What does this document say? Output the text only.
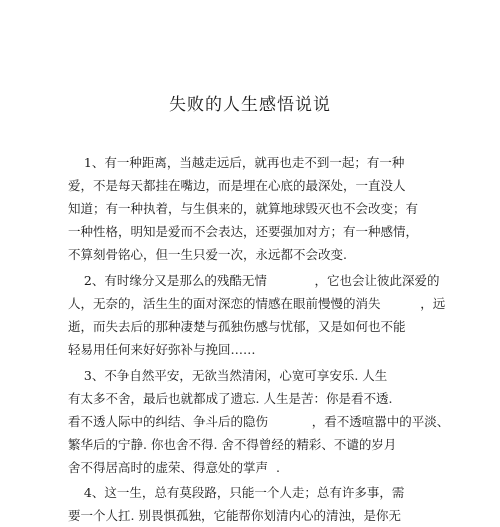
失败的人生感悟说说
1、有一种距离，当越走远后，就再也走不到一起；有一种
爱，不是每天都挂在嘴边，而是埋在心底的最深处，一直没人
知道；有一种执着，与生俱来的，就算地球毁灭也不会改变；有
一种性格，明知是爱而不会表达，还要强加对方；有一种感情，
不算刻骨铭心，但一生只爱一次，永远都不会改变.
2、有时缘分又是那么的残酷无情            ，它也会让彼此深爱的
人，无奈的，活生生的面对深恋的情感在眼前慢慢的消失          ，远
逝，而失去后的那种凄楚与孤独伤感与忧郁，又是如何也不能
轻易用任何来好好弥补与挽回……
3、不争自然平安，无欲当然清闲，心宽可享安乐. 人生
有太多不舍，最后也就都成了遗忘. 人生是苦：你是看不透.
看不透人际中的纠结、争斗后的隐伤           ，看不透喧嚣中的平淡、
繁华后的宁静. 你也舍不得. 舍不得曾经的精彩、不谴的岁月
舍不得居高时的虚荣、得意处的掌声  .
4、这一生，总有莫段路，只能一个人走；总有许多事，需
要一个人扛. 别畏惧孤独，它能帮你划清内心的清浊，是你无
